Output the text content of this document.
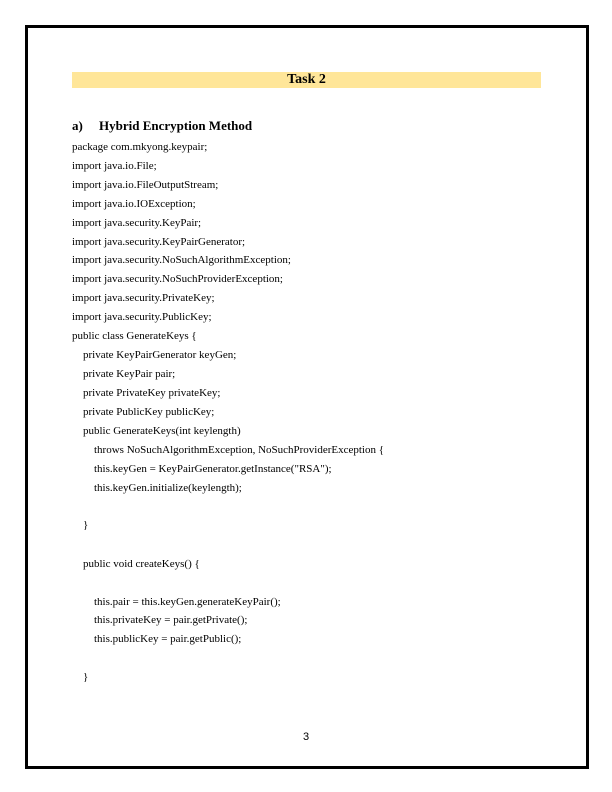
Task 2
a) Hybrid Encryption Method
package com.mkyong.keypair;
import java.io.File;
import java.io.FileOutputStream;
import java.io.IOException;
import java.security.KeyPair;
import java.security.KeyPairGenerator;
import java.security.NoSuchAlgorithmException;
import java.security.NoSuchProviderException;
import java.security.PrivateKey;
import java.security.PublicKey;
public class GenerateKeys {
private KeyPairGenerator keyGen;
private KeyPair pair;
private PrivateKey privateKey;
private PublicKey publicKey;
public GenerateKeys(int keylength)
throws NoSuchAlgorithmException, NoSuchProviderException {
this.keyGen = KeyPairGenerator.getInstance("RSA");
this.keyGen.initialize(keylength);
}
public void createKeys() {
this.pair = this.keyGen.generateKeyPair();
this.privateKey = pair.getPrivate();
this.publicKey = pair.getPublic();
}
3
